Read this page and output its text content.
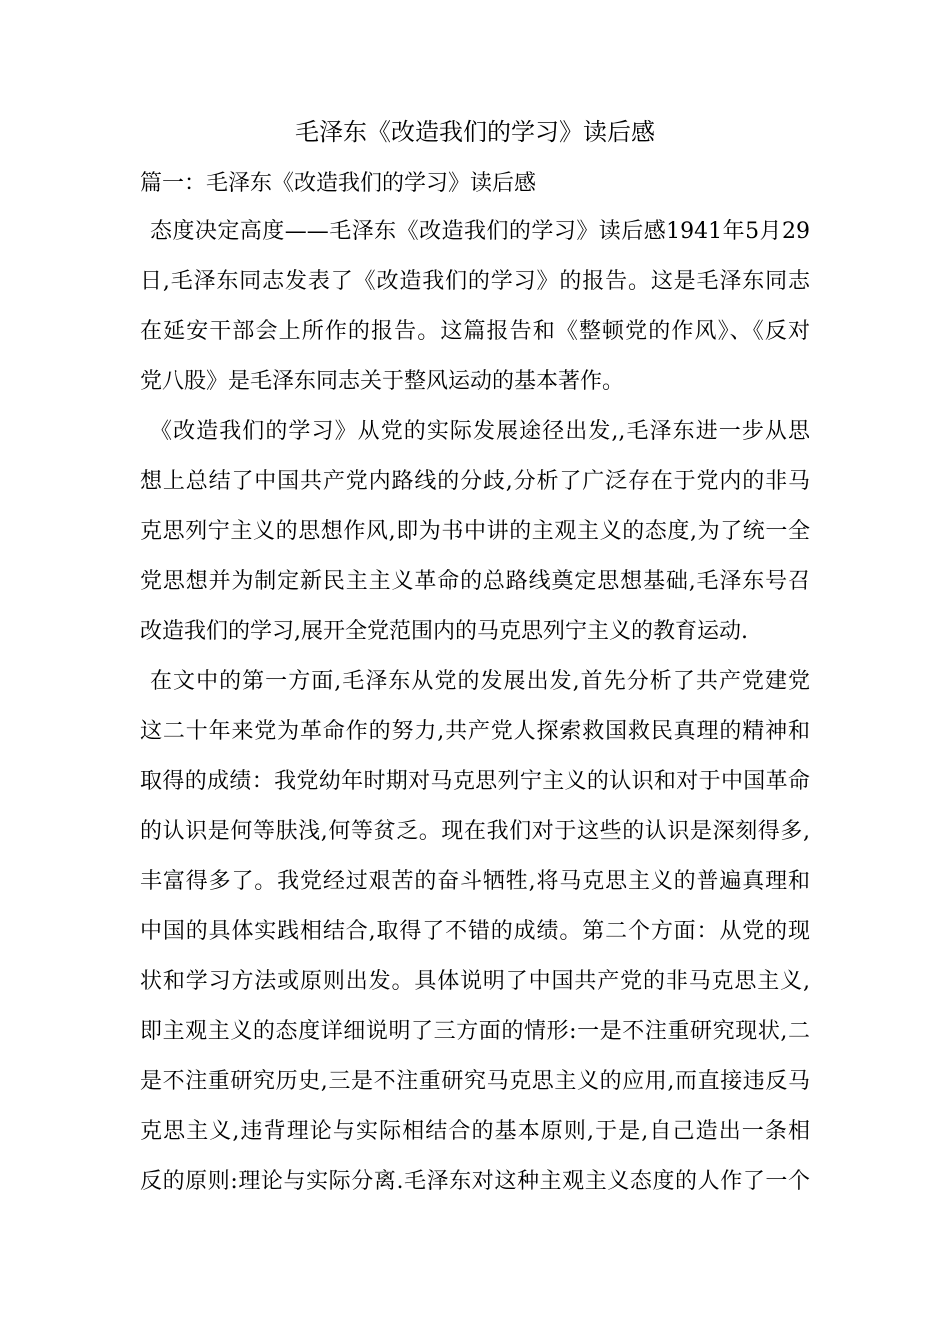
毛泽东《改造我们的学习》读后感
篇一：毛泽东《改造我们的学习》读后感
态度决定高度——毛泽东《改造我们的学习》读后感1941年5月29
日,毛泽东同志发表了《改造我们的学习》的报告。这是毛泽东同志
在延安干部会上所作的报告。这篇报告和《整顿党的作风》、《反对
党八股》是毛泽东同志关于整风运动的基本著作。
《改造我们的学习》从党的实际发展途径出发,,毛泽东进一步从思
想上总结了中国共产党内路线的分歧,分析了广泛存在于党内的非马
克思列宁主义的思想作风,即为书中讲的主观主义的态度,为了统一全
党思想并为制定新民主主义革命的总路线奠定思想基础,毛泽东号召
改造我们的学习,展开全党范围内的马克思列宁主义的教育运动.
在文中的第一方面,毛泽东从党的发展出发,首先分析了共产党建党
这二十年来党为革命作的努力,共产党人探索救国救民真理的精神和
取得的成绩：我党幼年时期对马克思列宁主义的认识和对于中国革命
的认识是何等肤浅,何等贫乏。现在我们对于这些的认识是深刻得多,
丰富得多了。我党经过艰苦的奋斗牺牲,将马克思主义的普遍真理和
中国的具体实践相结合,取得了不错的成绩。第二个方面：从党的现
状和学习方法或原则出发。具体说明了中国共产党的非马克思主义,
即主观主义的态度详细说明了三方面的情形:一是不注重研究现状,二
是不注重研究历史,三是不注重研究马克思主义的应用,而直接违反马
克思主义,违背理论与实际相结合的基本原则,于是,自己造出一条相
反的原则:理论与实际分离.毛泽东对这种主观主义态度的人作了一个
